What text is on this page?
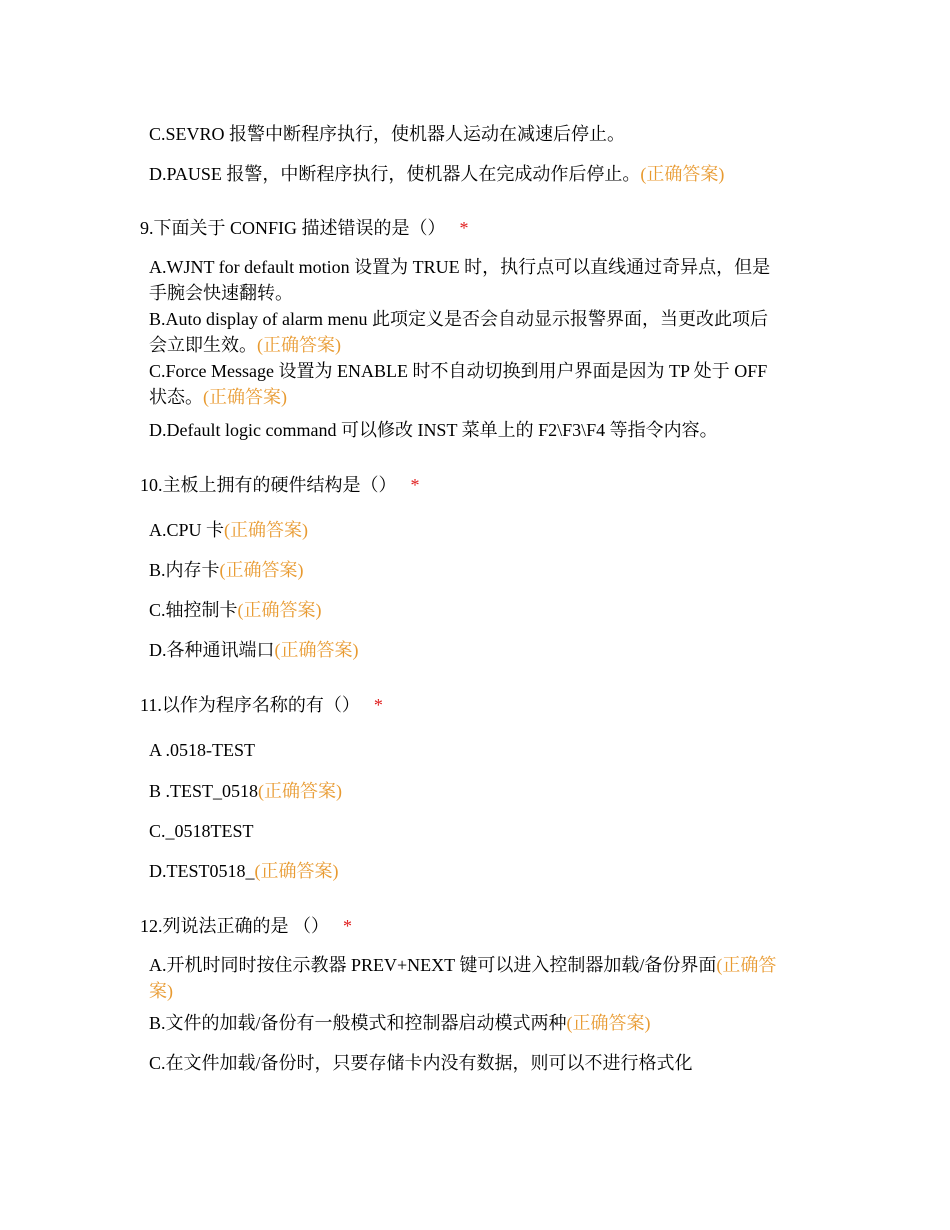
C.SEVRO 报警中断程序执行，使机器人运动在减速后停止。
D.PAUSE 报警，中断程序执行，使机器人在完成动作后停止。(正确答案)
9.下面关于 CONFIG 描述错误的是（） *
A.WJNT for default motion 设置为 TRUE 时，执行点可以直线通过奇异点，但是
手腕会快速翻转。
B.Auto display of alarm menu 此项定义是否会自动显示报警界面，当更改此项后
会立即生效。(正确答案)
C.Force Message 设置为 ENABLE 时不自动切换到用户界面是因为 TP 处于 OFF
状态。(正确答案)
D.Default logic command 可以修改 INST 菜单上的 F2\F3\F4 等指令内容。
10.主板上拥有的硬件结构是（） *
A.CPU 卡(正确答案)
B.内存卡(正确答案)
C.轴控制卡(正确答案)
D.各种通讯端口(正确答案)
11.以作为程序名称的有（） *
A .0518-TEST
B .TEST_0518(正确答案)
C._0518TEST
D.TEST0518_(正确答案)
12.列说法正确的是 （） *
A.开机时同时按住示教器 PREV+NEXT 键可以进入控制器加载/备份界面(正确答
案)
B.文件的加载/备份有一般模式和控制器启动模式两种(正确答案)
C.在文件加载/备份时，只要存储卡内没有数据，则可以不进行格式化
